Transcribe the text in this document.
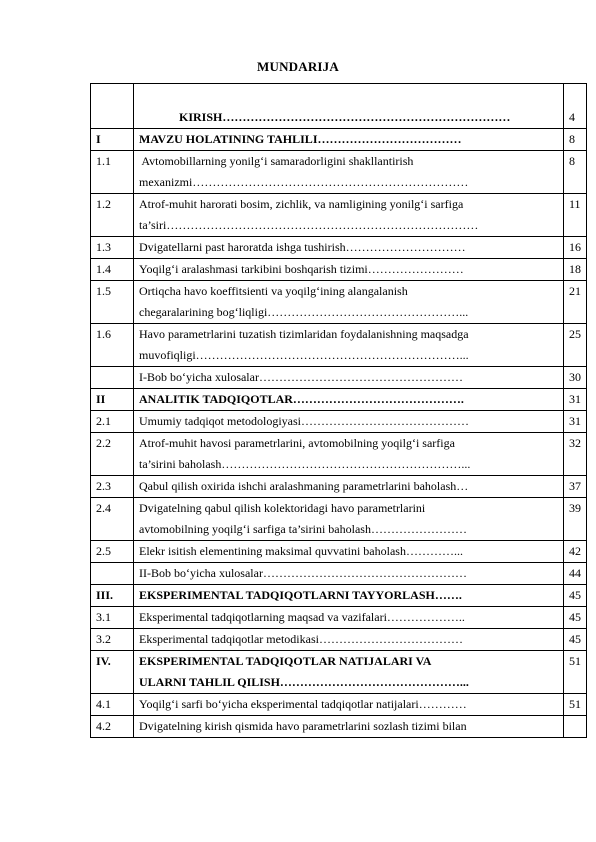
MUNDARIJA

	KIRISH………………………………………………………………	4
I	MAVZU HOLATINING TAHLILI………………………………	8
1.1	Avtomobillarning yonilg‘i samaradorligini shakllantirish
mexanizmi……………………………………………………………	8
1.2	Atrof-muhit harorati bosim, zichlik, va namligining yonilg‘i sarfiga
ta’siri……………………………………………………………………	11
1.3	Dvigatellarni past haroratda ishga tushirish…………………………	16
1.4	Yoqilg‘i aralashmasi tarkibini boshqarish tizimi……………………	18
1.5	Ortiqcha havo koeffitsienti va yoqilg‘ining alangalanish
chegaralarining bog‘liqligi…………………………………………...	21
1.6	Havo parametrlarini tuzatish tizimlaridan foydalanishning maqsadga
muvofiqligi…………………………………………………………...	25

	I-Bob bo‘yicha xulosalar……………………………………………	30
II	ANALITIK TADQIQOTLAR…………………………………….	31
2.1	Umumiy tadqiqot metodologiyasi……………………………………	31
2.2	Atrof-muhit havosi parametrlarini, avtomobilning yoqilg‘i sarfiga
ta’sirini baholash……………………………………………………...	32
2.3	Qabul qilish oxirida ishchi aralashmaning parametrlarini baholash…	37
2.4	Dvigatelning qabul qilish kolektoridagi havo parametrlarini
avtomobilning yoqilg‘i sarfiga ta’sirini baholash……………………	39
2.5	Elekr isitish elementining maksimal quvvatini baholash…………...	42

	II-Bob bo‘yicha xulosalar……………………………………………	44
III.	EKSPERIMENTAL TADQIQOTLARNI TAYYORLASH…….	45
3.1	Eksperimental tadqiqotlarning maqsad va vazifalari………………..	45
3.2	Eksperimental tadqiqotlar metodikasi………………………………	45
IV.	EKSPERIMENTAL TADQIQOTLAR NATIJALARI VA
ULARNI TAHLIL QILISH………………………………………...	51
4.1	Yoqilg‘i sarfi bo‘yicha eksperimental tadqiqotlar natijalari…………	51
4.2	Dvigatelning kirish qismida havo parametrlarini sozlash tizimi bilan	
